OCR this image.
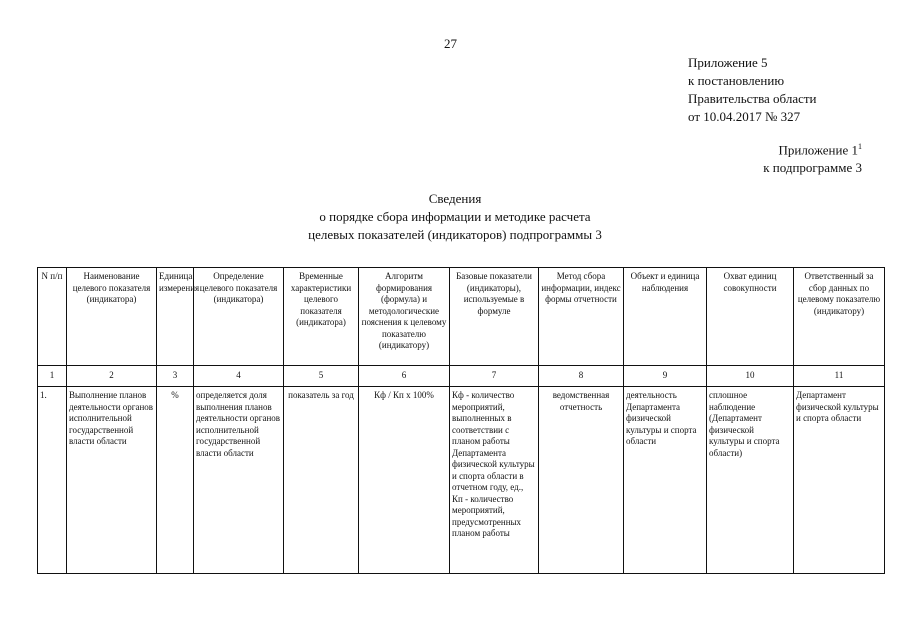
27
Приложение 5
к постановлению
Правительства области
от 10.04.2017 № 327
Приложение $1^1$
к подпрограмме 3
Сведения
о порядке сбора информации и методике расчета
целевых показателей (индикаторов) подпрограммы 3
N п/п	Наименование целевого показателя (индикатора)	Единица измерения	Определение целевого показателя (индикатора)	Временные характеристики целевого показателя (индикатора)	Алгоритм формирования (формула) и методологические пояснения к целевому показателю (индикатору)	Базовые показатели (индикаторы), используемые в формуле	Метод сбора информации, индекс формы отчетности	Объект и единица наблюдения	Охват единиц совокупности	Ответственный за сбор данных по целевому показателю (индикатору)
1	2	3	4	5	6	7	8	9	10	11
1.	Выполнение планов деятельности органов исполнительной государственной власти области	%	определяется доля выполнения планов деятельности органов исполнительной государственной власти области	показатель за год	Кф / Кп х 100%	Кф - количество мероприятий, выполненных в соответствии с планом работы Департамента физической культуры и спорта области в отчетном году, ед., Кп - количество мероприятий, предусмотренных планом работы	ведомственная отчетность	деятельность Департамента физической культуры и спорта области	сплошное наблюдение (Департамент физической культуры и спорта области)	Департамент физической культуры и спорта области
